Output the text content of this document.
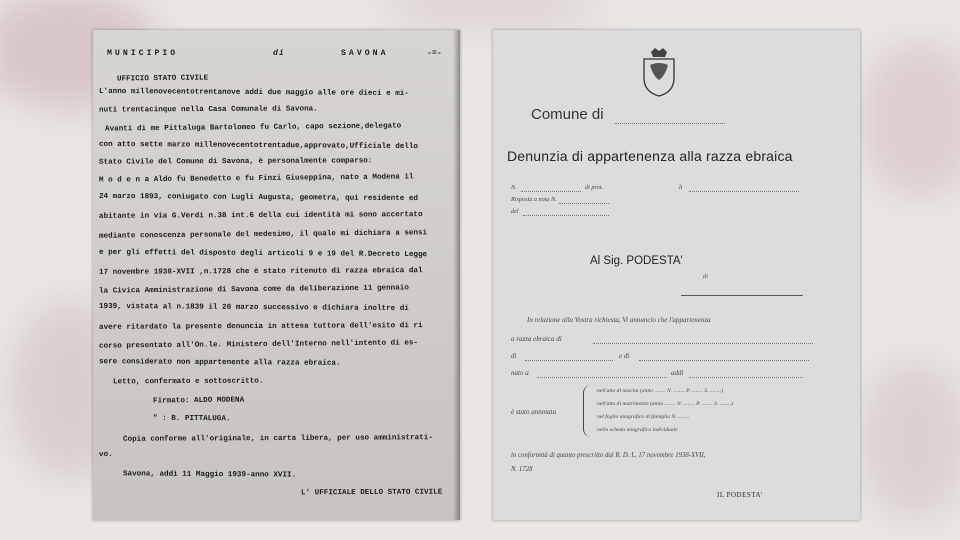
MUNICIPIO	di	SAVONA	-=-
UFFICIO STATO CIVILE
L'anno millenovecentotrentanove addi due maggio alle ore dieci e mi-
nuti trentacinque nella Casa Comunale di Savona.
Avanti di me Pittaluga Bartolomeo fu Carlo, capo sezione,delegato
con atto sette marzo millenovecentotrentadue,approvato,Ufficiale dello
Stato Civile del Comune di Savona, è personalmente comparso:
M o d e n a Aldo fu Benedetto e fu Finzi Giuseppina, nato a Modena il
24 marzo 1893, coniugato con Lugli Augusta, geometra, qui residente ed
abitante in via G.Verdi n.38 int.6 della cui identità mi sono accertato
mediante conoscenza personale del medesimo, il quale mi dichiara a sensi
e per gli effetti del disposto degli articoli 9 e 19 del R.Decreto Legge
17 novembre 1938-XVII ,n.1728 che è stato ritenuto di razza ebraica dal
la Civica Amministrazione di Savona come da deliberazione 11 gennaio
1939, vistata al n.1839 il 20 marzo successivo e dichiara inoltre di
avere ritardato la presente denuncia in attesa tuttora dell'esito di ri
corso presentato all'On.le. Ministero dell'Interno nell'intento di es-
sere considerato non appartenente alla razza ebraica.
Letto, confermato e sottoscritto.
Firmato: ALDO MODENA
" : B. PITTALUGA.
Copia conforme all'originale, in carta libera, per uso amministrati-
vo.
Savona, addì 11 Maggio 1939-anno XVII.
L' UFFICIALE DELLO STATO CIVILE
Comune di
Denunzia di appartenenza alla razza ebraica
N.	di prot.	li
Risposta a nota N.
del
Al Sig. PODESTA'
di
In relazione alla Vostra richiesta, Vi annuncio che l'appartenenza
a razza ebraica di
di	e di
nato a	addì
è stato annotata
nell'atto di nascita (anno ........ N. ........ P. ........ S. ........)
nell'atto di matrimonio (anno ........ N. ........ P. ........ S. ........)
nel foglio anagrafico di famiglia N. ........
nella scheda anagrafica individuale
in conformità di quanto prescritto dal R. D. L. 17 novembre 1938-XVII,
N. 1728
IL PODESTA'
